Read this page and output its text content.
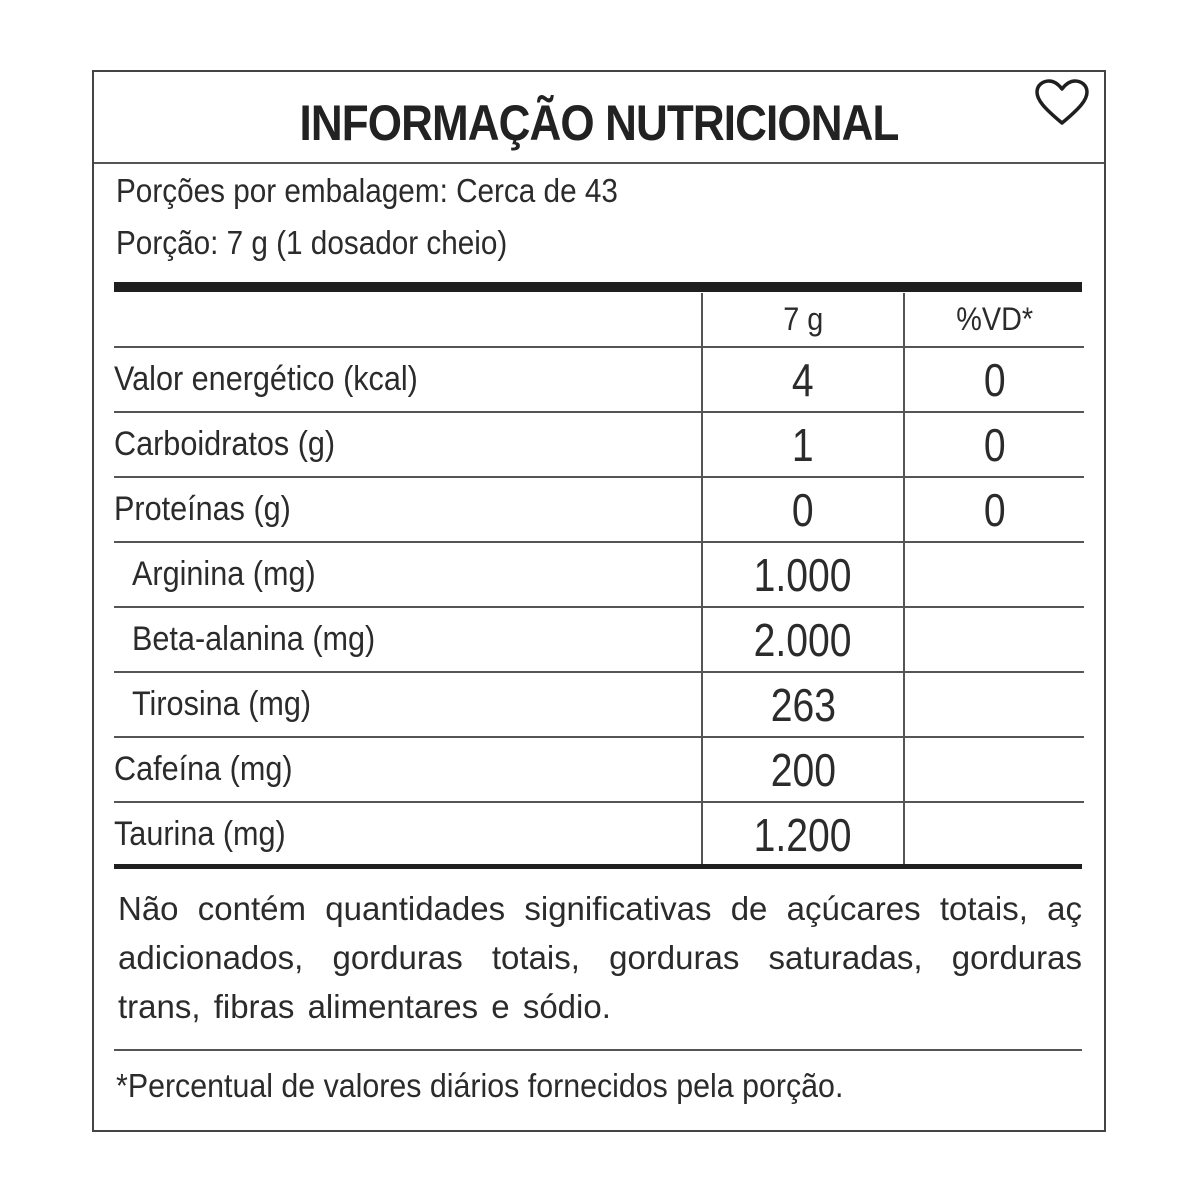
INFORMAÇÃO NUTRICIONAL
Porções por embalagem: Cerca de 43
Porção: 7 g (1 dosador cheio)
	7 g	%VD*
Valor energético (kcal)	4	0
Carboidratos (g)	1	0
Proteínas (g)	0	0
Arginina (mg)	1.000	
Beta-alanina (mg)	2.000	
Tirosina (mg)	263	
Cafeína (mg)	200	
Taurina (mg)	1.200	
Não contém quantidades significativas de açúcares totais, aç adicionados, gorduras totais, gorduras saturadas, gorduras trans, fibras alimentares e sódio.
*Percentual de valores diários fornecidos pela porção.
